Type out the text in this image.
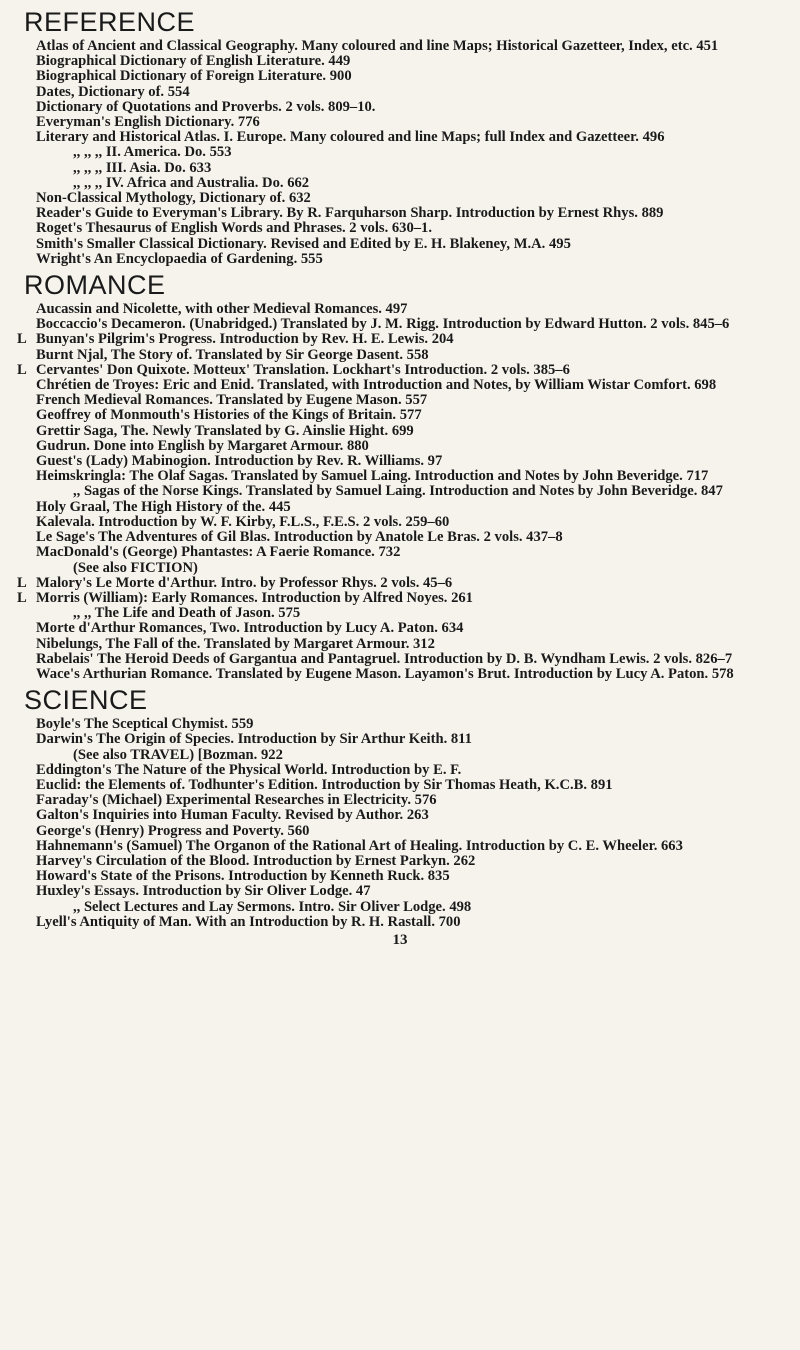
REFERENCE

Atlas of Ancient and Classical Geography. Many coloured and line Maps; Historical Gazetteer, Index, etc. 451

Biographical Dictionary of English Literature. 449

Biographical Dictionary of Foreign Literature. 900

Dates, Dictionary of. 554

Dictionary of Quotations and Proverbs. 2 vols. 809–10.

Everyman's English Dictionary. 776

Literary and Historical Atlas. I. Europe. Many coloured and line Maps; full Index and Gazetteer. 496

,, ,, ,, II. America. Do. 553

,, ,, ,, III. Asia. Do. 633

,, ,, ,, IV. Africa and Australia. Do. 662

Non-Classical Mythology, Dictionary of. 632

Reader's Guide to Everyman's Library. By R. Farquharson Sharp. Introduction by Ernest Rhys. 889

Roget's Thesaurus of English Words and Phrases. 2 vols. 630–1.

Smith's Smaller Classical Dictionary. Revised and Edited by E. H. Blakeney, M.A. 495

Wright's An Encyclopaedia of Gardening. 555

ROMANCE

Aucassin and Nicolette, with other Medieval Romances. 497

Boccaccio's Decameron. (Unabridged.) Translated by J. M. Rigg. Introduction by Edward Hutton. 2 vols. 845–6

L Bunyan's Pilgrim's Progress. Introduction by Rev. H. E. Lewis. 204

Burnt Njal, The Story of. Translated by Sir George Dasent. 558

L Cervantes' Don Quixote. Motteux' Translation. Lockhart's Introduction. 2 vols. 385–6

Chrétien de Troyes: Eric and Enid. Translated, with Introduction and Notes, by William Wistar Comfort. 698

French Medieval Romances. Translated by Eugene Mason. 557

Geoffrey of Monmouth's Histories of the Kings of Britain. 577

Grettir Saga, The. Newly Translated by G. Ainslie Hight. 699

Gudrun. Done into English by Margaret Armour. 880

Guest's (Lady) Mabinogion. Introduction by Rev. R. Williams. 97

Heimskringla: The Olaf Sagas. Translated by Samuel Laing. Introduction and Notes by John Beveridge. 717

,, Sagas of the Norse Kings. Translated by Samuel Laing. Introduction and Notes by John Beveridge. 847

Holy Graal, The High History of the. 445

Kalevala. Introduction by W. F. Kirby, F.L.S., F.E.S. 2 vols. 259–60

Le Sage's The Adventures of Gil Blas. Introduction by Anatole Le Bras. 2 vols. 437–8

MacDonald's (George) Phantastes: A Faerie Romance. 732

(See also FICTION)

L Malory's Le Morte d'Arthur. Intro. by Professor Rhys. 2 vols. 45–6

L Morris (William): Early Romances. Introduction by Alfred Noyes. 261

,, ,, The Life and Death of Jason. 575

Morte d'Arthur Romances, Two. Introduction by Lucy A. Paton. 634

Nibelungs, The Fall of the. Translated by Margaret Armour. 312

Rabelais' The Heroid Deeds of Gargantua and Pantagruel. Introduction by D. B. Wyndham Lewis. 2 vols. 826–7

Wace's Arthurian Romance. Translated by Eugene Mason. Layamon's Brut. Introduction by Lucy A. Paton. 578

SCIENCE

Boyle's The Sceptical Chymist. 559

Darwin's The Origin of Species. Introduction by Sir Arthur Keith. 811

(See also TRAVEL) [Bozman. 922

Eddington's The Nature of the Physical World. Introduction by E. F.

Euclid: the Elements of. Todhunter's Edition. Introduction by Sir Thomas Heath, K.C.B. 891

Faraday's (Michael) Experimental Researches in Electricity. 576

Galton's Inquiries into Human Faculty. Revised by Author. 263

George's (Henry) Progress and Poverty. 560

Hahnemann's (Samuel) The Organon of the Rational Art of Healing. Introduction by C. E. Wheeler. 663

Harvey's Circulation of the Blood. Introduction by Ernest Parkyn. 262

Howard's State of the Prisons. Introduction by Kenneth Ruck. 835

Huxley's Essays. Introduction by Sir Oliver Lodge. 47

,, Select Lectures and Lay Sermons. Intro. Sir Oliver Lodge. 498

Lyell's Antiquity of Man. With an Introduction by R. H. Rastall. 700

13
